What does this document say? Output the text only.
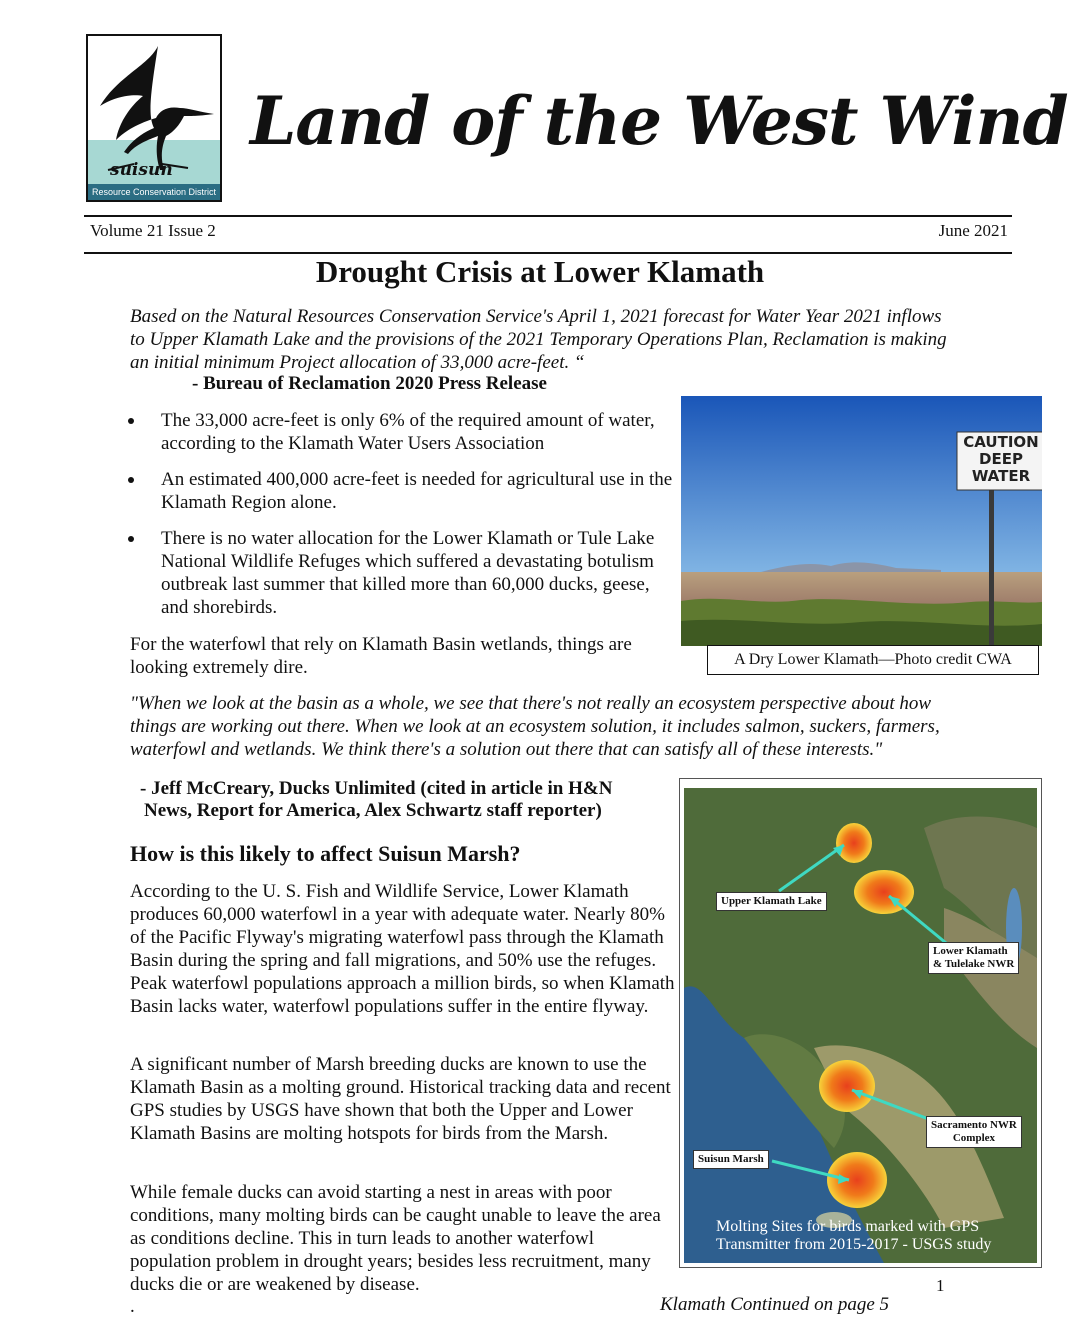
suisun
Resource Conservation District
Land of the West Wind
Volume 21 Issue 2	June 2021
Drought Crisis at Lower Klamath
Based on the Natural Resources Conservation Service's April 1, 2021 forecast for Water Year 2021 inflows to Upper Klamath Lake and the provisions of the 2021 Temporary Operations Plan, Reclamation is making an initial minimum Project allocation of 33,000 acre-feet. “
- Bureau of Reclamation 2020 Press Release
The 33,000 acre-feet is only 6% of the required amount of water, according to the Klamath Water Users Association
An estimated 400,000 acre-feet is needed for agricultural use in the Klamath Region alone.
There is no water allocation for the Lower Klamath or Tule Lake National Wildlife Refuges which suffered a devastating botulism outbreak last summer that killed more than 60,000 ducks, geese, and shorebirds.
For the waterfowl that rely on Klamath Basin wetlands, things are looking extremely dire.
CAUTION
DEEP
WATER
A Dry Lower Klamath—Photo credit CWA
"When we look at the basin as a whole, we see that there's not really an ecosystem perspective about how things are working out there. When we look at an ecosystem solution, it includes salmon, suckers, farmers, waterfowl and wetlands. We think there's a solution out there that can satisfy all of these interests."
- Jeff McCreary, Ducks Unlimited (cited in article in H&N
News, Report for America, Alex Schwartz staff reporter)
How is this likely to affect Suisun Marsh?
According to the U. S. Fish and Wildlife Service, Lower Klamath produces 60,000 waterfowl in a year with adequate water. Nearly 80% of the Pacific Flyway's migrating waterfowl pass through the Klamath Basin during the spring and fall migrations, and 50% use the refuges. Peak waterfowl populations approach a million birds, so when Klamath Basin lacks water, waterfowl populations suffer in the entire flyway.
A significant number of Marsh breeding ducks are known to use the Klamath Basin as a molting ground. Historical tracking data and recent GPS studies by USGS have shown that both the Upper and Lower Klamath Basins are molting hotspots for birds from the Marsh.
While female ducks can avoid starting a nest in areas with poor conditions, many molting birds can be caught unable to leave the area as conditions decline. This in turn leads to another waterfowl population problem in drought years; besides less recruitment, many ducks die or are weakened by disease.
.
Upper Klamath Lake
Lower Klamath
& Tulelake NWR
Sacramento NWR
Complex
Suisun Marsh
Molting Sites for birds marked with GPS
Transmitter from 2015-2017 - USGS study
1
Klamath Continued on page 5
